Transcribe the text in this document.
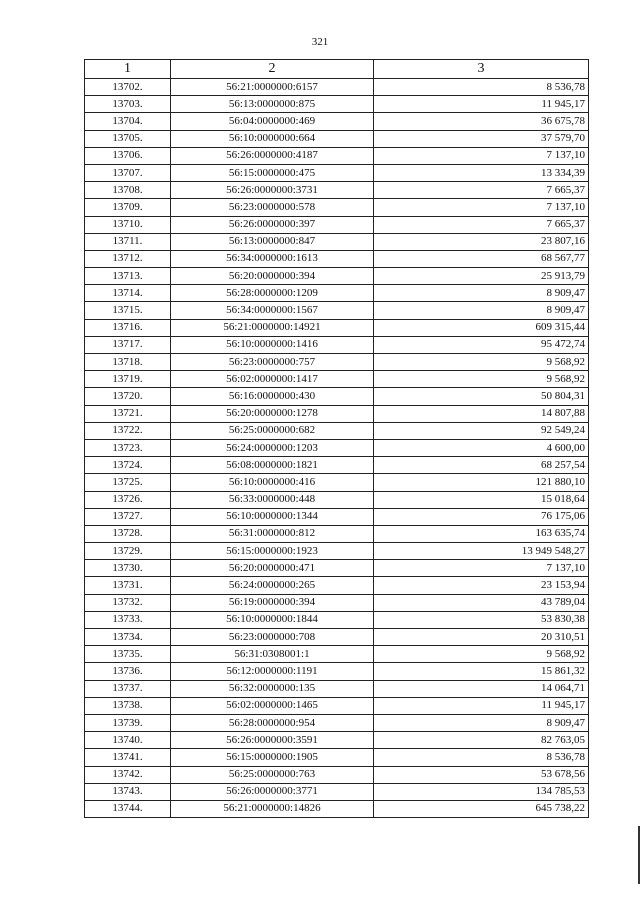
321
1	2	3
13702.	56:21:0000000:6157	8 536,78
13703.	56:13:0000000:875	11 945,17
13704.	56:04:0000000:469	36 675,78
13705.	56:10:0000000:664	37 579,70
13706.	56:26:0000000:4187	7 137,10
13707.	56:15:0000000:475	13 334,39
13708.	56:26:0000000:3731	7 665,37
13709.	56:23:0000000:578	7 137,10
13710.	56:26:0000000:397	7 665,37
13711.	56:13:0000000:847	23 807,16
13712.	56:34:0000000:1613	68 567,77
13713.	56:20:0000000:394	25 913,79
13714.	56:28:0000000:1209	8 909,47
13715.	56:34:0000000:1567	8 909,47
13716.	56:21:0000000:14921	609 315,44
13717.	56:10:0000000:1416	95 472,74
13718.	56:23:0000000:757	9 568,92
13719.	56:02:0000000:1417	9 568,92
13720.	56:16:0000000:430	50 804,31
13721.	56:20:0000000:1278	14 807,88
13722.	56:25:0000000:682	92 549,24
13723.	56:24:0000000:1203	4 600,00
13724.	56:08:0000000:1821	68 257,54
13725.	56:10:0000000:416	121 880,10
13726.	56:33:0000000:448	15 018,64
13727.	56:10:0000000:1344	76 175,06
13728.	56:31:0000000:812	163 635,74
13729.	56:15:0000000:1923	13 949 548,27
13730.	56:20:0000000:471	7 137,10
13731.	56:24:0000000:265	23 153,94
13732.	56:19:0000000:394	43 789,04
13733.	56:10:0000000:1844	53 830,38
13734.	56:23:0000000:708	20 310,51
13735.	56:31:0308001:1	9 568,92
13736.	56:12:0000000:1191	15 861,32
13737.	56:32:0000000:135	14 064,71
13738.	56:02:0000000:1465	11 945,17
13739.	56:28:0000000:954	8 909,47
13740.	56:26:0000000:3591	82 763,05
13741.	56:15:0000000:1905	8 536,78
13742.	56:25:0000000:763	53 678,56
13743.	56:26:0000000:3771	134 785,53
13744.	56:21:0000000:14826	645 738,22
